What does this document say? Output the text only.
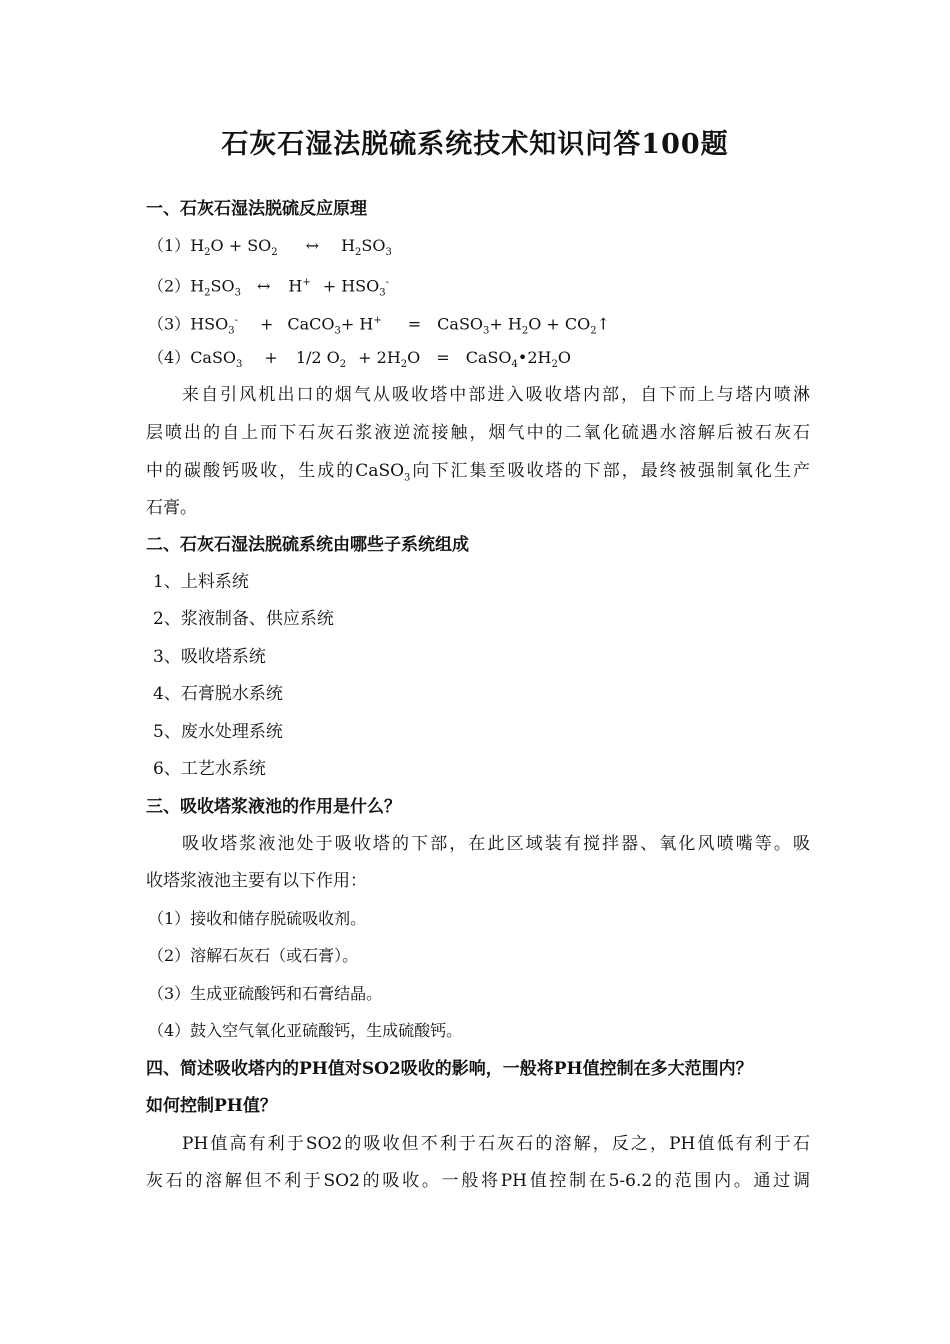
石灰石湿法脱硫系统技术知识问答100题
一、石灰石湿法脱硫反应原理
$(1)H_2O + SO_2$ ↔ $H_2SO_3$
$(2)H_2SO_3$ ↔ $H^+ + HSO_3^-$
$(3)HSO_3^-$ + CaCO$_3$+ H+ = CaSO$_3$+ $H_2O$ + $CO_2↑$
（4）CaSO$_3$ + 1/2 $O_2 + 2H_2O$ = $CaSO_4•2H_2O$
来自引风机出口的烟气从吸收塔中部进入吸收塔内部，自下而上与塔内喷淋
层喷出的自上而下石灰石浆液逆流接触，烟气中的二氧化硫遇水溶解后被石灰石
中的碳酸钙吸收，生成的CaSO$_3$向下汇集至吸收塔的下部，最终被强制氧化生产
石膏。
二、石灰石湿法脱硫系统由哪些子系统组成
1、上料系统
2、浆液制备、供应系统
3、吸收塔系统
4、石膏脱水系统
5、废水处理系统
6、工艺水系统
三、吸收塔浆液池的作用是什么？
吸收塔浆液池处于吸收塔的下部，在此区域装有搅拌器、氧化风喷嘴等。吸
收塔浆液池主要有以下作用：
（1）接收和储存脱硫吸收剂。
（2）溶解石灰石（或石膏）。
（3）生成亚硫酸钙和石膏结晶。
（4）鼓入空气氧化亚硫酸钙，生成硫酸钙。
四、简述吸收塔内的PH值对SO2吸收的影响，一般将PH值控制在多大范围内？
如何控制PH值？
PH值高有利于SO2的吸收但不利于石灰石的溶解，反之，PH值低有利于石
灰石的溶解但不利于SO2的吸收。一般将PH值控制在5-6.2的范围内。通过调
